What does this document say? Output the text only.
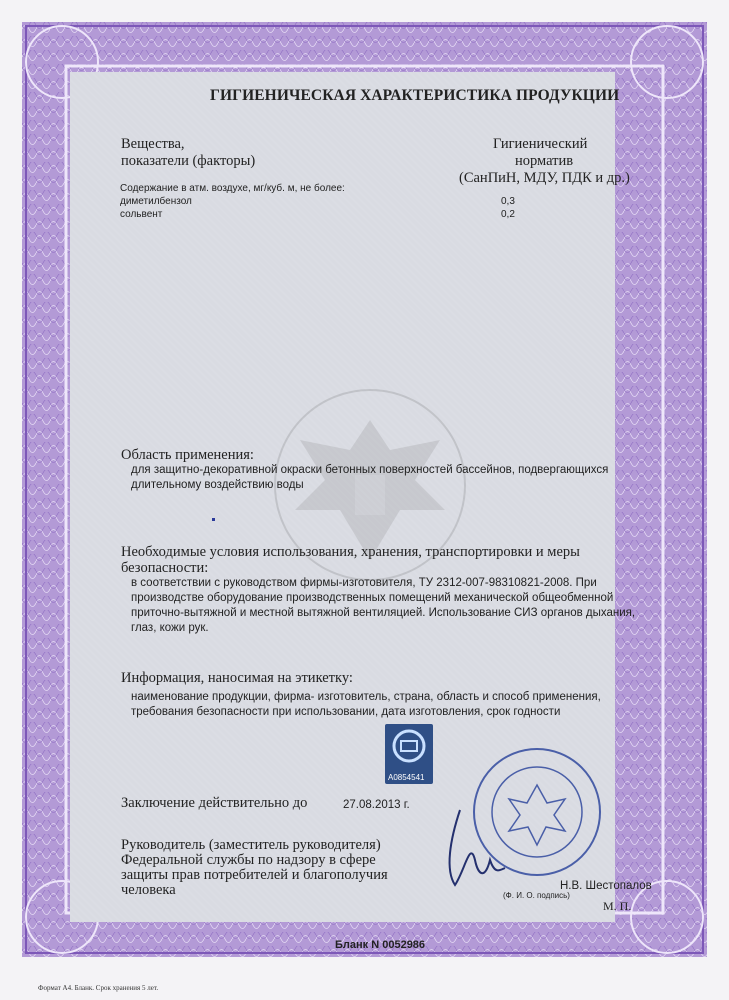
ГИГИЕНИЧЕСКАЯ ХАРАКТЕРИСТИКА ПРОДУКЦИИ
Вещества,
показатели (факторы)
Гигиенический
норматив
(СанПиН, МДУ, ПДК и др.)
Содержание в атм. воздухе, мг/куб. м, не более:
диметилбензол	0,3
сольвент	0,2
Область применения:
для защитно-декоративной окраски бетонных поверхностей бассейнов, подвергающихся
длительному воздействию воды
Необходимые условия использования, хранения, транспортировки и меры
безопасности:
в соответствии с руководством фирмы-изготовителя, ТУ 2312-007-98310821-2008. При
производстве оборудование производственных помещений механической общеобменной
приточно-вытяжной и местной вытяжной вентиляцией. Использование СИЗ органов дыхания,
глаз, кожи рук.
Информация, наносимая на этикетку:
наименование продукции, фирма- изготовитель, страна, область и способ применения,
требования безопасности при использовании, дата изготовления, срок годности
A0854541
Заключение действительно до	27.08.2013 г.
Руководитель (заместитель руководителя)
Федеральной службы по надзору в сфере
защиты прав потребителей и благополучия
человека	Н.В. Шестопалов
(Ф. И. О. подпись)
М. П.
Бланк N 0052986
Формат А4. Бланк. Срок хранения 5 лет.
